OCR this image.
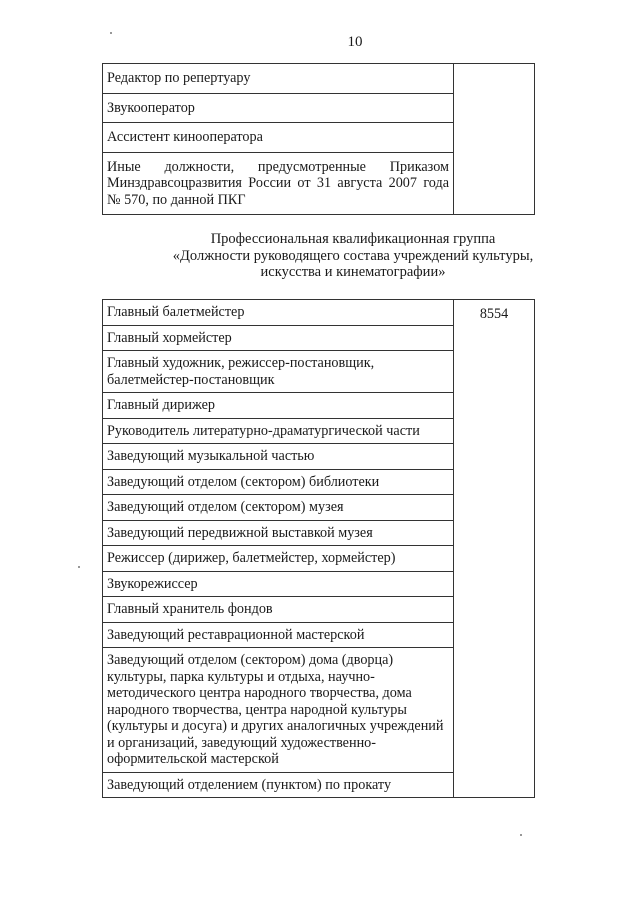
10
Редактор по репертуару	
Звукооператор
Ассистент кинооператора
Иные должности, предусмотренные Приказом Минздравсоцразвития России от 31 августа 2007 года № 570, по данной ПКГ
Профессиональная квалификационная группа
«Должности руководящего состава учреждений культуры,
искусства и кинематографии»
Главный балетмейстер	8554
Главный хормейстер
Главный художник, режиссер-постановщик, балетмейстер-постановщик
Главный дирижер
Руководитель литературно-драматургической части
Заведующий музыкальной частью
Заведующий отделом (сектором) библиотеки
Заведующий отделом (сектором) музея
Заведующий передвижной выставкой музея
Режиссер (дирижер, балетмейстер, хормейстер)
Звукорежиссер
Главный хранитель фондов
Заведующий реставрационной мастерской
Заведующий отделом (сектором) дома (дворца) культуры, парка культуры и отдыха, научно-методического центра народного творчества, дома народного творчества, центра народной культуры (культуры и досуга) и других аналогичных учреждений и организаций, заведующий художественно-оформительской мастерской
Заведующий отделением (пунктом) по прокату
